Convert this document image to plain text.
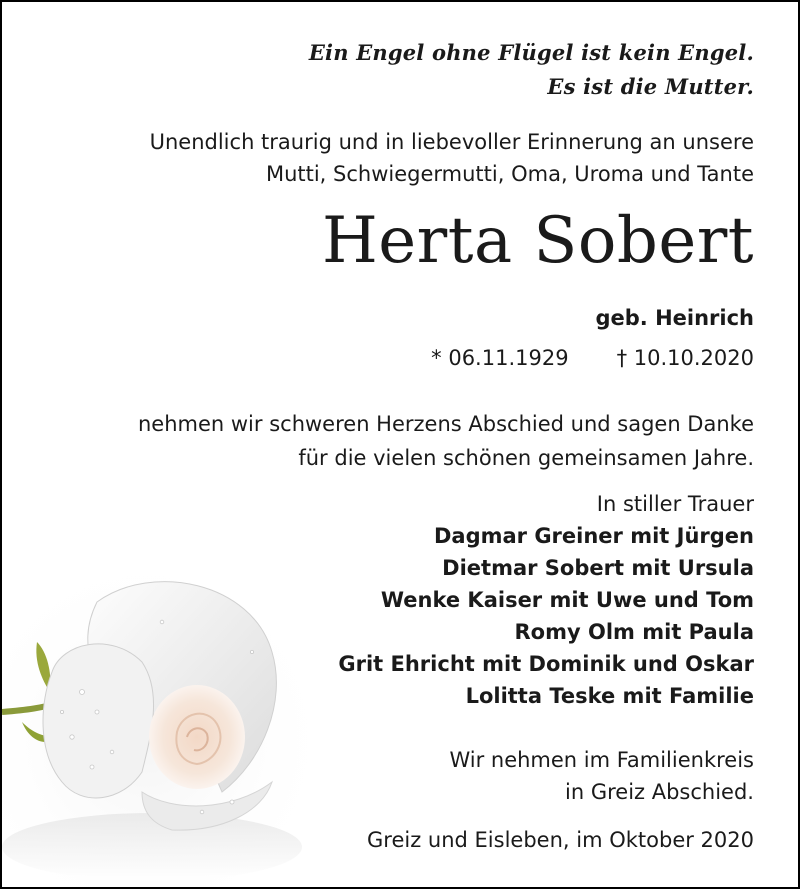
Ein Engel ohne Flügel ist kein Engel.
Es ist die Mutter.
Unendlich traurig und in liebevoller Erinnerung an unsere
Mutti, Schwiegermutti, Oma, Uroma und Tante
Herta Sobert
geb. Heinrich
* 06.11.1929 † 10.10.2020
nehmen wir schweren Herzens Abschied und sagen Danke
für die vielen schönen gemeinsamen Jahre.
In stiller Trauer
Dagmar Greiner mit Jürgen
Dietmar Sobert mit Ursula
Wenke Kaiser mit Uwe und Tom
Romy Olm mit Paula
Grit Ehricht mit Dominik und Oskar
Lolitta Teske mit Familie
Wir nehmen im Familienkreis
in Greiz Abschied.
Greiz und Eisleben, im Oktober 2020
